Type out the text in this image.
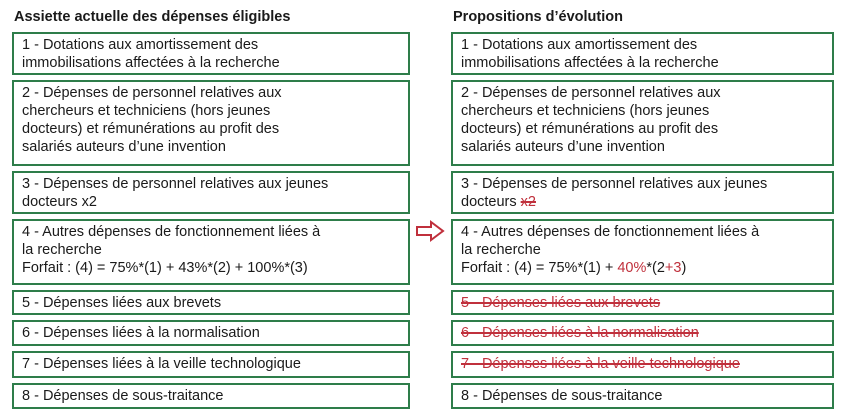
Assiette actuelle des dépenses éligibles
1 - Dotations aux amortissement des
immobilisations affectées à la recherche
2 - Dépenses de personnel relatives aux
chercheurs et techniciens (hors jeunes
docteurs) et rémunérations au profit des
salariés auteurs d’une invention
3 - Dépenses de personnel relatives aux jeunes
docteurs x2
4 - Autres dépenses de fonctionnement liées à
la recherche
Forfait : (4) = 75%*(1) + 43%*(2) + 100%*(3)
5 - Dépenses liées aux brevets
6 - Dépenses liées à la normalisation
7 - Dépenses liées à la veille technologique
8 - Dépenses de sous-traitance
Propositions d’évolution
1 - Dotations aux amortissement des
immobilisations affectées à la recherche
2 - Dépenses de personnel relatives aux
chercheurs et techniciens (hors jeunes
docteurs) et rémunérations au profit des
salariés auteurs d’une invention
3 - Dépenses de personnel relatives aux jeunes
docteurs x2
4 - Autres dépenses de fonctionnement liées à
la recherche
Forfait : (4) = 75%*(1) + 40%*(2+3)
5 - Dépenses liées aux brevets
6 - Dépenses liées à la normalisation
7 - Dépenses liées à la veille technologique
8 - Dépenses de sous-traitance
